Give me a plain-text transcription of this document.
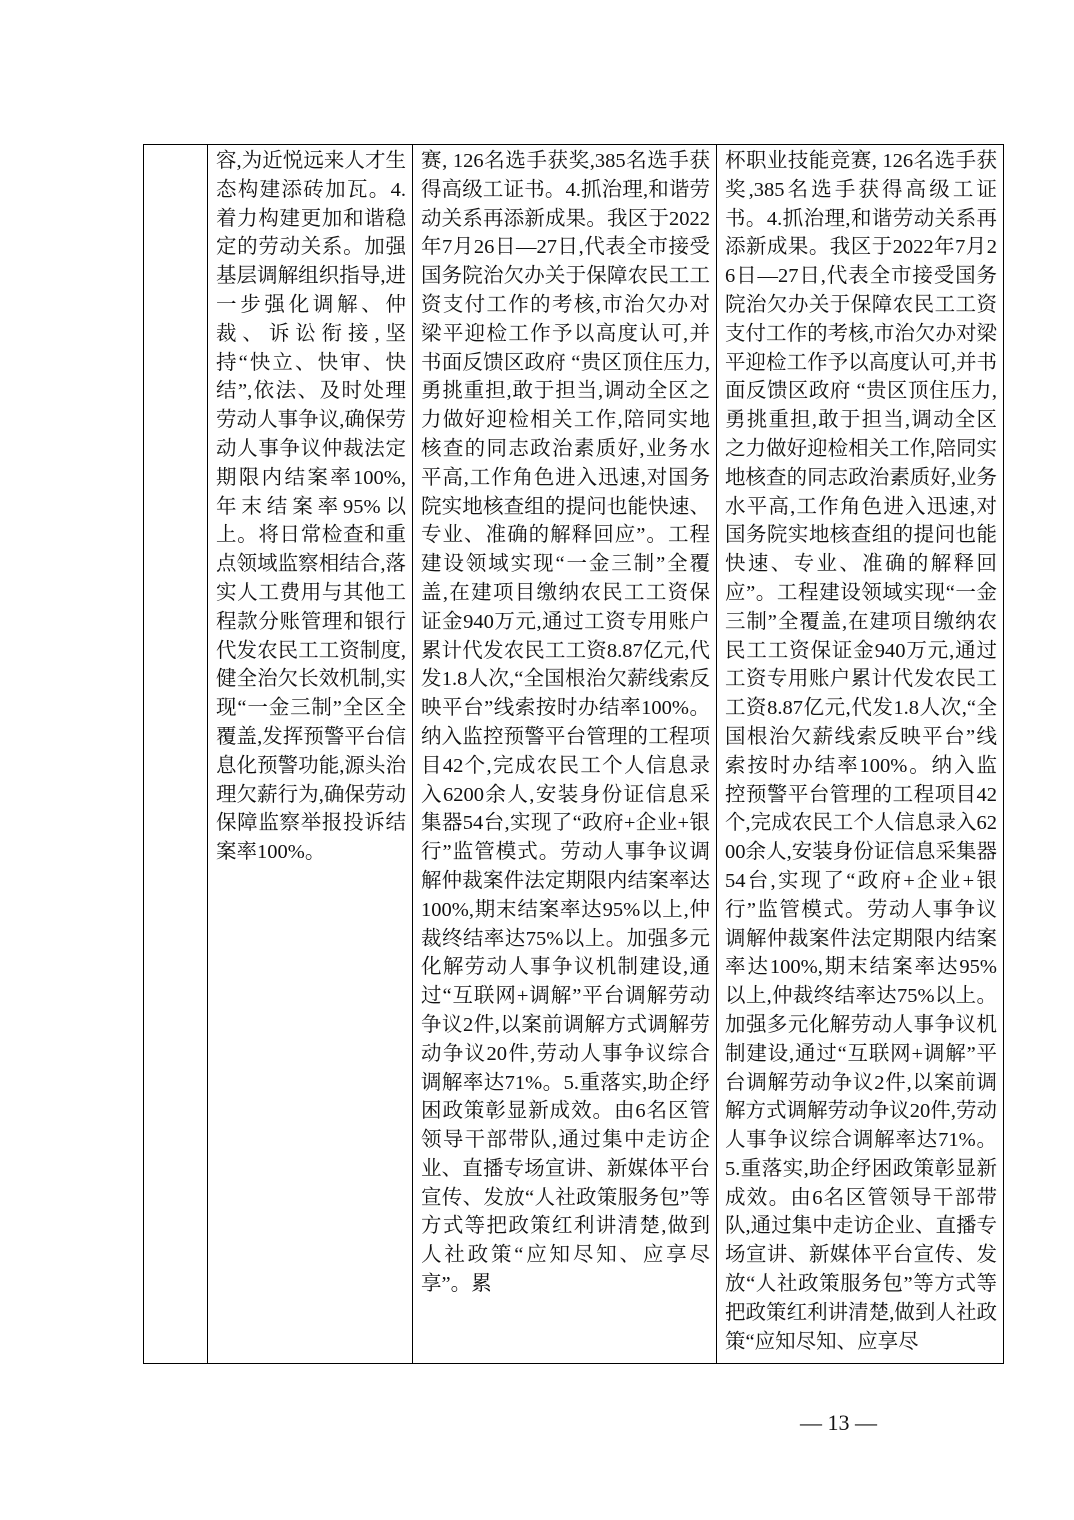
容,为近悦远来人才生态构建添砖加瓦。4.着力构建更加和谐稳定的劳动关系。加强基层调解组织指导,进一步强化调解、仲裁、诉讼衔接,坚持“快立、快审、快结”,依法、及时处理劳动人事争议,确保劳动人事争议仲裁法定期限内结案率100%,年末结案率95%以上。将日常检查和重点领域监察相结合,落实人工费用与其他工程款分账管理和银行代发农民工工资制度,健全治欠长效机制,实现“一金三制”全区全覆盖,发挥预警平台信息化预警功能,源头治理欠薪行为,确保劳动保障监察举报投诉结案率100%。

赛, 126名选手获奖,385名选手获得高级工证书。4.抓治理,和谐劳动关系再添新成果。我区于2022年7月26日—27日,代表全市接受国务院治欠办关于保障农民工工资支付工作的考核,市治欠办对梁平迎检工作予以高度认可,并书面反馈区政府 “贵区顶住压力,勇挑重担,敢于担当,调动全区之力做好迎检相关工作,陪同实地核查的同志政治素质好,业务水平高,工作角色进入迅速,对国务院实地核查组的提问也能快速、专业、准确的解释回应”。工程建设领域实现“一金三制”全覆盖,在建项目缴纳农民工工资保证金940万元,通过工资专用账户累计代发农民工工资8.87亿元,代发1.8人次,“全国根治欠薪线索反映平台”线索按时办结率100%。纳入监控预警平台管理的工程项目42个,完成农民工个人信息录入6200余人,安装身份证信息采集器54台,实现了“政府+企业+银行”监管模式。劳动人事争议调解仲裁案件法定期限内结案率达100%,期末结案率达95%以上,仲裁终结率达75%以上。加强多元化解劳动人事争议机制建设,通过“互联网+调解”平台调解劳动争议2件,以案前调解方式调解劳动争议20件,劳动人事争议综合调解率达71%。5.重落实,助企纾困政策彰显新成效。由6名区管领导干部带队,通过集中走访企业、直播专场宣讲、新媒体平台宣传、发放“人社政策服务包”等方式等把政策红利讲清楚,做到人社政策“应知尽知、应享尽享”。累

杯职业技能竞赛, 126名选手获奖,385名选手获得高级工证书。4.抓治理,和谐劳动关系再添新成果。我区于2022年7月26日—27日,代表全市接受国务院治欠办关于保障农民工工资支付工作的考核,市治欠办对梁平迎检工作予以高度认可,并书面反馈区政府 “贵区顶住压力,勇挑重担,敢于担当,调动全区之力做好迎检相关工作,陪同实地核查的同志政治素质好,业务水平高,工作角色进入迅速,对国务院实地核查组的提问也能快速、专业、准确的解释回应”。工程建设领域实现“一金三制”全覆盖,在建项目缴纳农民工工资保证金940万元,通过工资专用账户累计代发农民工工资8.87亿元,代发1.8人次,“全国根治欠薪线索反映平台”线索按时办结率100%。纳入监控预警平台管理的工程项目42个,完成农民工个人信息录入6200余人,安装身份证信息采集器54台,实现了“政府+企业+银行”监管模式。劳动人事争议调解仲裁案件法定期限内结案率达100%,期末结案率达95%以上,仲裁终结率达75%以上。加强多元化解劳动人事争议机制建设,通过“互联网+调解”平台调解劳动争议2件,以案前调解方式调解劳动争议20件,劳动人事争议综合调解率达71%。5.重落实,助企纾困政策彰显新成效。由6名区管领导干部带队,通过集中走访企业、直播专场宣讲、新媒体平台宣传、发放“人社政策服务包”等方式等把政策红利讲清楚,做到人社政策“应知尽知、应享尽
— 13 —
